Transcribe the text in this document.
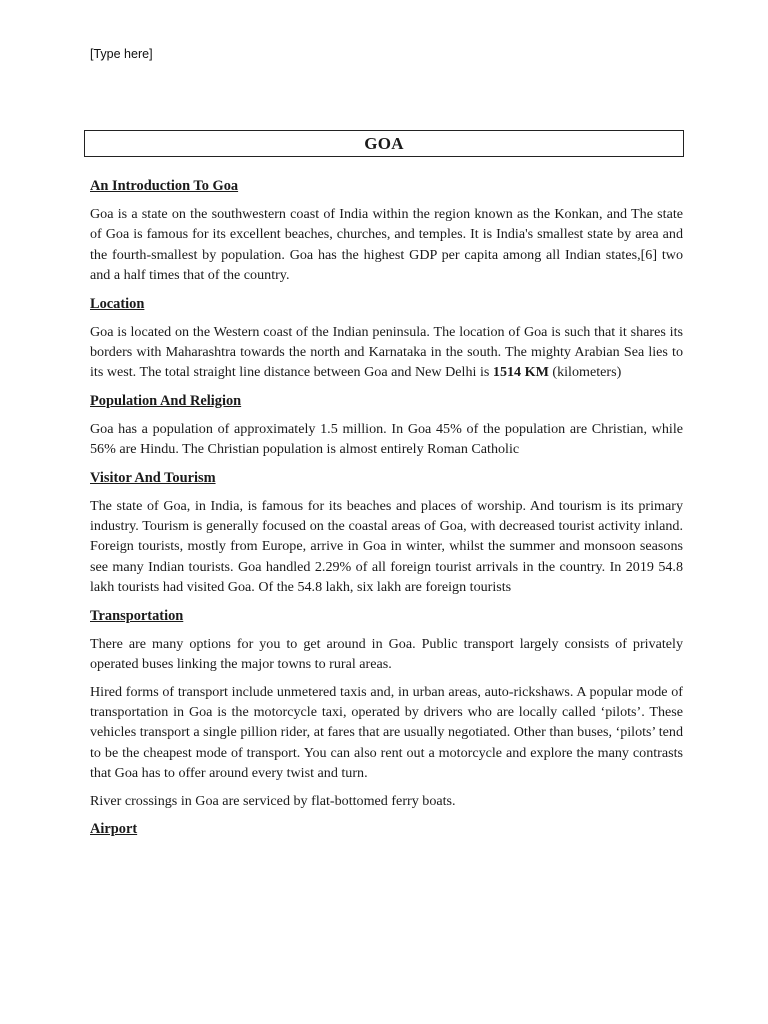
[Type here]
GOA
An Introduction To Goa

Goa is a state on the southwestern coast of India within the region known as the Konkan, and The state of Goa is famous for its excellent beaches, churches, and temples. It is India's smallest state by area and the fourth-smallest by population. Goa has the highest GDP per capita among all Indian states,[6] two and a half times that of the country.

Location

Goa is located on the Western coast of the Indian peninsula. The location of Goa is such that it shares its borders with Maharashtra towards the north and Karnataka in the south. The mighty Arabian Sea lies to its west. The total straight line distance between Goa and New Delhi is 1514 KM (kilometers)

Population And Religion

Goa has a population of approximately 1.5 million. In Goa 45% of the population are Christian, while 56% are Hindu. The Christian population is almost entirely Roman Catholic

Visitor And Tourism

The state of Goa, in India, is famous for its beaches and places of worship. And tourism is its primary industry. Tourism is generally focused on the coastal areas of Goa, with decreased tourist activity inland. Foreign tourists, mostly from Europe, arrive in Goa in winter, whilst the summer and monsoon seasons see many Indian tourists. Goa handled 2.29% of all foreign tourist arrivals in the country. In 2019 54.8 lakh tourists had visited Goa. Of the 54.8 lakh, six lakh are foreign tourists

Transportation

There are many options for you to get around in Goa. Public transport largely consists of privately operated buses linking the major towns to rural areas.

Hired forms of transport include unmetered taxis and, in urban areas, auto-rickshaws. A popular mode of transportation in Goa is the motorcycle taxi, operated by drivers who are locally called ‘pilots’. These vehicles transport a single pillion rider, at fares that are usually negotiated. Other than buses, ‘pilots’ tend to be the cheapest mode of transport. You can also rent out a motorcycle and explore the many contrasts that Goa has to offer around every twist and turn.

River crossings in Goa are serviced by flat-bottomed ferry boats.

Airport
